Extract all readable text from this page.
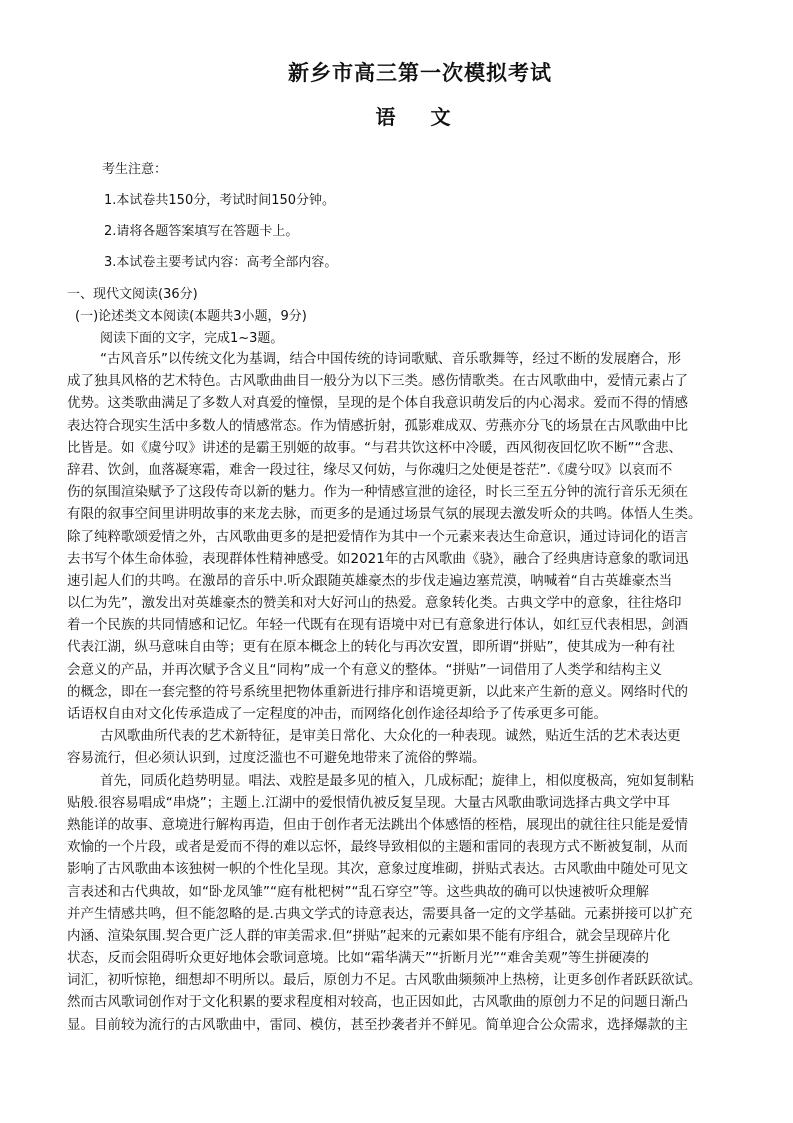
新乡市高三第一次模拟考试
语 文
考生注意：
1.本试卷共150分，考试时间150分钟。
2.请将各题答案填写在答题卡上。
3.本试卷主要考试内容：高考全部内容。
一、现代文阅读(36分)
(一)论述类文本阅读(本题共3小题，9分)
阅读下面的文字，完成1~3题。
“古风音乐”以传统文化为基调，结合中国传统的诗词歌赋、音乐歌舞等，经过不断的发展磨合，形
成了独具风格的艺术特色。古风歌曲曲目一般分为以下三类。感伤情歌类。在古风歌曲中，爱情元素占了
优势。这类歌曲满足了多数人对真爱的憧憬，呈现的是个体自我意识萌发后的内心渴求。爱而不得的情感
表达符合现实生活中多数人的情感常态。作为情感折射，孤影难成双、劳燕亦分飞的场景在古风歌曲中比
比皆是。如《虞兮叹》讲述的是霸王别姬的故事。“与君共饮这杯中冷暖，西风彻夜回忆吹不断”“含悲、
辞君、饮剑，血落凝寒霜，难舍一段过往，缘尽又何妨，与你魂归之处便是苍茫”.《虞兮叹》以哀而不
伤的氛围渲染赋予了这段传奇以新的魅力。作为一种情感宣泄的途径，时长三至五分钟的流行音乐无须在
有限的叙事空间里讲明故事的来龙去脉，而更多的是通过场景气氛的展现去激发听众的共鸣。体悟人生类。
除了纯粹歌颂爱情之外，古风歌曲更多的是把爱情作为其中一个元素来表达生命意识，通过诗词化的语言
去书写个体生命体验，表现群体性精神感受。如2021年的古风歌曲《骁》，融合了经典唐诗意象的歌词迅
速引起人们的共鸣。在激昂的音乐中.听众跟随英雄豪杰的步伐走遍边塞荒漠，呐喊着“自古英雄豪杰当
以仁为先”，激发出对英雄豪杰的赞美和对大好河山的热爱。意象转化类。古典文学中的意象，往往烙印
着一个民族的共同情感和记忆。年轻一代既有在现有语境中对已有意象进行体认，如红豆代表相思，剑酒
代表江湖，纵马意味自由等；更有在原本概念上的转化与再次安置，即所谓“拼贴”，使其成为一种有社
会意义的产品，并再次赋予含义且“同构”成一个有意义的整体。“拼贴”一词借用了人类学和结构主义
的概念，即在一套完整的符号系统里把物体重新进行排序和语境更新，以此来产生新的意义。网络时代的
话语权自由对文化传承造成了一定程度的冲击，而网络化创作途径却给予了传承更多可能。
古风歌曲所代表的艺术新特征，是审美日常化、大众化的一种表现。诚然，贴近生活的艺术表达更
容易流行，但必须认识到，过度泛滥也不可避免地带来了流俗的弊端。
首先，同质化趋势明显。唱法、戏腔是最多见的植入，几成标配；旋律上，相似度极高，宛如复制粘
贴般.很容易唱成“串烧”；主题上.江湖中的爱恨情仇被反复呈现。大量古风歌曲歌词选择古典文学中耳
熟能详的故事、意境进行解构再造，但由于创作者无法跳出个体感悟的桎梏，展现出的就往往只能是爱情
欢愉的一个片段，或者是爱而不得的难以忘怀，最终导致相似的主题和雷同的表现方式不断被复制，从而
影响了古风歌曲本该独树一帜的个性化呈现。其次，意象过度堆砌，拼贴式表达。古风歌曲中随处可见文
言表述和古代典故，如“卧龙凤雏”“庭有枇杷树”“乱石穿空”等。这些典故的确可以快速被听众理解
并产生情感共鸣，但不能忽略的是.古典文学式的诗意表达，需要具备一定的文学基础。元素拼接可以扩充
内涵、渲染氛围.契合更广泛人群的审美需求.但“拼贴”起来的元素如果不能有序组合，就会呈现碎片化
状态，反而会阻碍听众更好地体会歌词意境。比如“霜华满天”“折断月光”“难舍美观”等生拼硬凑的
词汇，初听惊艳，细想却不明所以。最后，原创力不足。古风歌曲频频冲上热榜，让更多创作者跃跃欲试。
然而古风歌词创作对于文化积累的要求程度相对较高，也正因如此，古风歌曲的原创力不足的问题日渐凸
显。目前较为流行的古风歌曲中，雷同、模仿，甚至抄袭者并不鲜见。简单迎合公众需求，选择爆款的主
